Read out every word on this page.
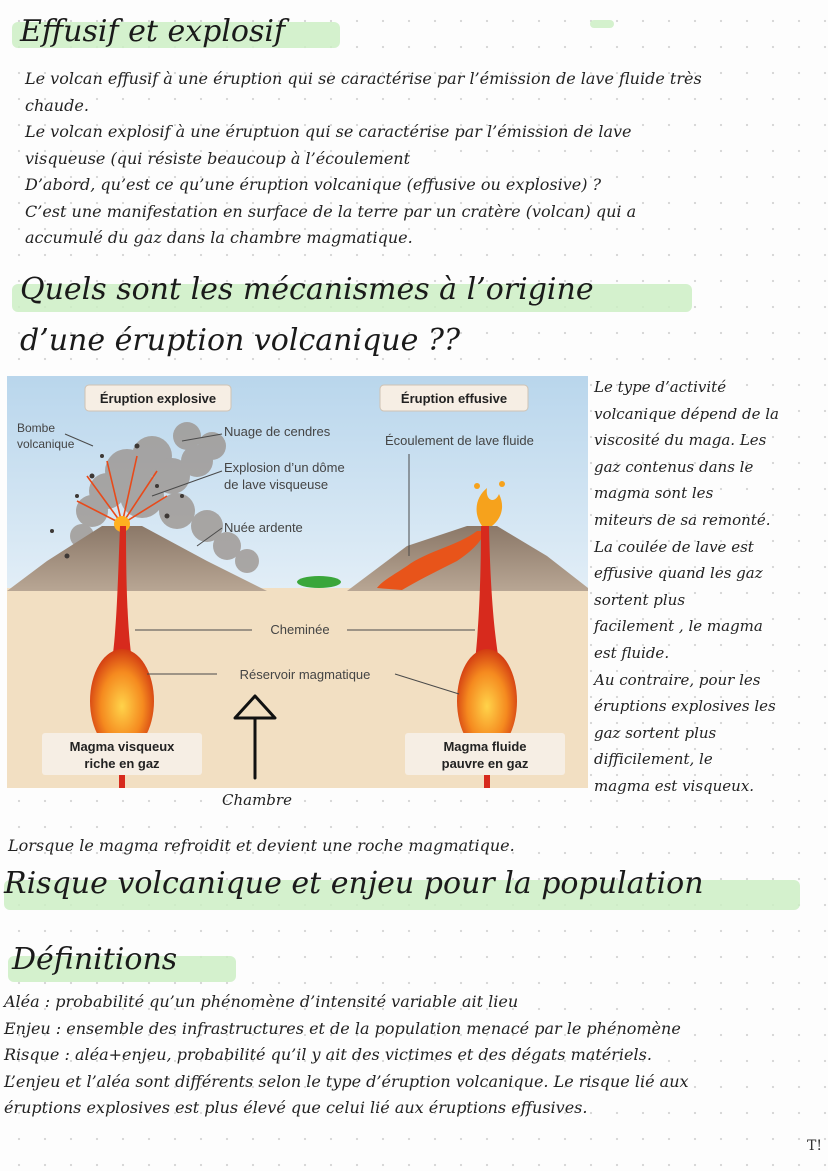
Effusif et explosif
Le volcan effusif à une éruption qui se caractérise par l’émission de lave fluide très
chaude.
Le volcan explosif à une éruptuon qui se caractérise par l’émission de lave
visqueuse (qui résiste beaucoup à l’écoulement
D’abord, qu’est ce qu’une éruption volcanique (effusive ou explosive) ?
C’est une manifestation en surface de la terre par un cratère (volcan) qui a
accumulé du gaz dans la chambre magmatique.
Quels sont les mécanismes à l’origine
d’une éruption volcanique ??
Éruption explosive	Éruption effusive
Bombe
volcanique
Nuage de cendres
Explosion d’un dôme
de lave visqueuse
Nuée ardente
Écoulement de lave fluide
Cheminée
Réservoir magmatique
Magma visqueux
riche en gaz
Magma fluide
pauvre en gaz
Le type d’activité
volcanique dépend de la
viscosité du maga. Les
gaz contenus dans le
magma sont les
miteurs de sa remonté.
La coulée de lave est
effusive quand les gaz
sortent plus
facilement , le magma
est fluide.
Au contraire, pour les
éruptions explosives les
gaz sortent plus
difficilement, le
magma est visqueux.
Chambre
Lorsque le magma refroidit et devient une roche magmatique.
Risque volcanique et enjeu pour la population
Définitions
Aléa : probabilité qu’un phénomène d’intensité variable ait lieu
Enjeu : ensemble des infrastructures et de la population menacé par le phénomène
Risque : aléa+enjeu, probabilité qu’il y ait des victimes et des dégats matériels.
L’enjeu et l’aléa sont différents selon le type d’éruption volcanique. Le risque lié aux
éruptions explosives est plus élevé que celui lié aux éruptions effusives.
T!
